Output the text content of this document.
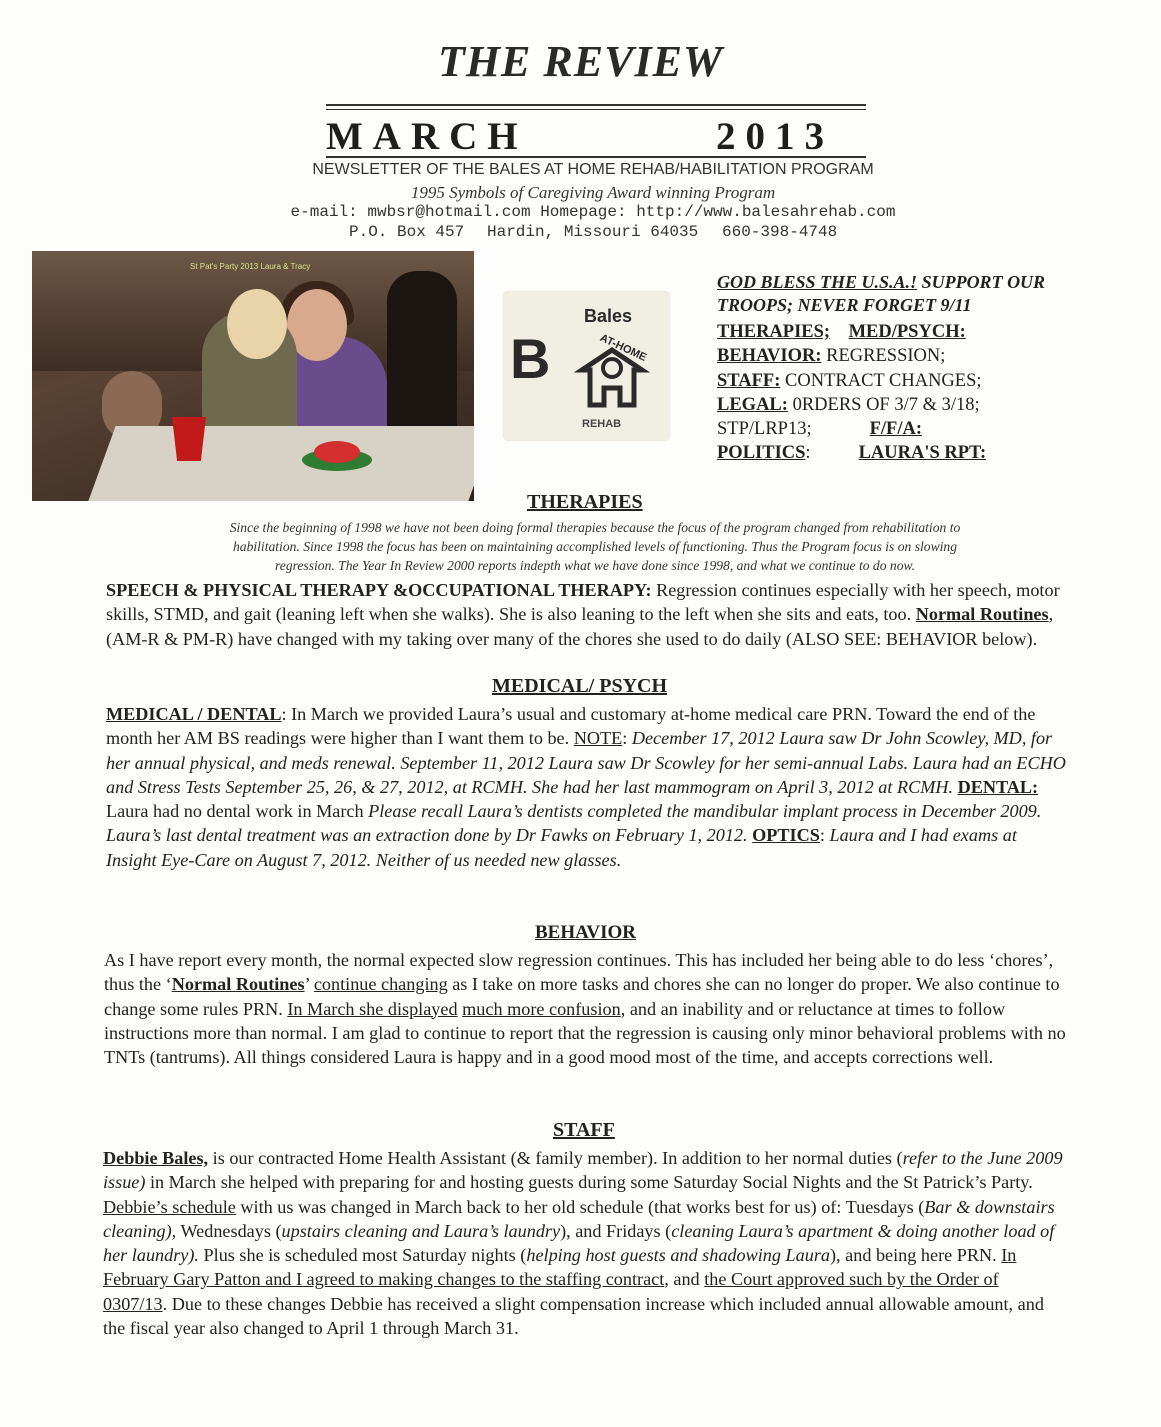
THE REVIEW
MARCH	2013
NEWSLETTER OF THE BALES AT HOME REHAB/HABILITATION PROGRAM
1995 Symbols of Caregiving Award winning Program
e-mail: mwbsr@hotmail.com Homepage: http://www.balesahrehab.com
P.O. Box 457 Hardin, Missouri 64035 660-398-4748
St Pat's Party 2013 Laura & Tracy
Bales
B	AT-HOME
REHAB
GOD BLESS THE U.S.A.! SUPPORT OUR TROOPS; NEVER FORGET 9/11
THERAPIES; MED/PSYCH:
BEHAVIOR: REGRESSION;
STAFF: CONTRACT CHANGES;
LEGAL: 0RDERS OF 3/7 & 3/18;
STP/LRP13;	F/F/A:
POLITICS:	LAURA'S RPT:
THERAPIES
Since the beginning of 1998 we have not been doing formal therapies because the focus of the program changed from rehabilitation to
habilitation. Since 1998 the focus has been on maintaining accomplished levels of functioning. Thus the Program focus is on slowing
regression. The Year In Review 2000 reports indepth what we have done since 1998, and what we continue to do now.
SPEECH & PHYSICAL THERAPY &OCCUPATIONAL THERAPY: Regression continues especially with her speech, motor skills, STMD, and gait (leaning left when she walks). She is also leaning to the left when she sits and eats, too. Normal Routines, (AM-R & PM-R) have changed with my taking over many of the chores she used to do daily (ALSO SEE: BEHAVIOR below).
MEDICAL/ PSYCH
MEDICAL / DENTAL: In March we provided Laura’s usual and customary at-home medical care PRN. Toward the end of the month her AM BS readings were higher than I want them to be. NOTE: December 17, 2012 Laura saw Dr John Scowley, MD, for her annual physical, and meds renewal. September 11, 2012 Laura saw Dr Scowley for her semi-annual Labs. Laura had an ECHO and Stress Tests September 25, 26, & 27, 2012, at RCMH. She had her last mammogram on April 3, 2012 at RCMH. DENTAL: Laura had no dental work in March Please recall Laura’s dentists completed the mandibular implant process in December 2009. Laura’s last dental treatment was an extraction done by Dr Fawks on February 1, 2012. OPTICS: Laura and I had exams at Insight Eye-Care on August 7, 2012. Neither of us needed new glasses.
BEHAVIOR
As I have report every month, the normal expected slow regression continues. This has included her being able to do less ‘chores’, thus the ‘Normal Routines’ continue changing as I take on more tasks and chores she can no longer do proper. We also continue to change some rules PRN. In March she displayed much more confusion, and an inability and or reluctance at times to follow instructions more than normal. I am glad to continue to report that the regression is causing only minor behavioral problems with no TNTs (tantrums). All things considered Laura is happy and in a good mood most of the time, and accepts corrections well.
STAFF
Debbie Bales, is our contracted Home Health Assistant (& family member). In addition to her normal duties (refer to the June 2009 issue) in March she helped with preparing for and hosting guests during some Saturday Social Nights and the St Patrick’s Party. Debbie’s schedule with us was changed in March back to her old schedule (that works best for us) of: Tuesdays (Bar & downstairs cleaning), Wednesdays (upstairs cleaning and Laura’s laundry), and Fridays (cleaning Laura’s apartment & doing another load of her laundry). Plus she is scheduled most Saturday nights (helping host guests and shadowing Laura), and being here PRN. In February Gary Patton and I agreed to making changes to the staffing contract, and the Court approved such by the Order of 0307/13. Due to these changes Debbie has received a slight compensation increase which included annual allowable amount, and the fiscal year also changed to April 1 through March 31.
